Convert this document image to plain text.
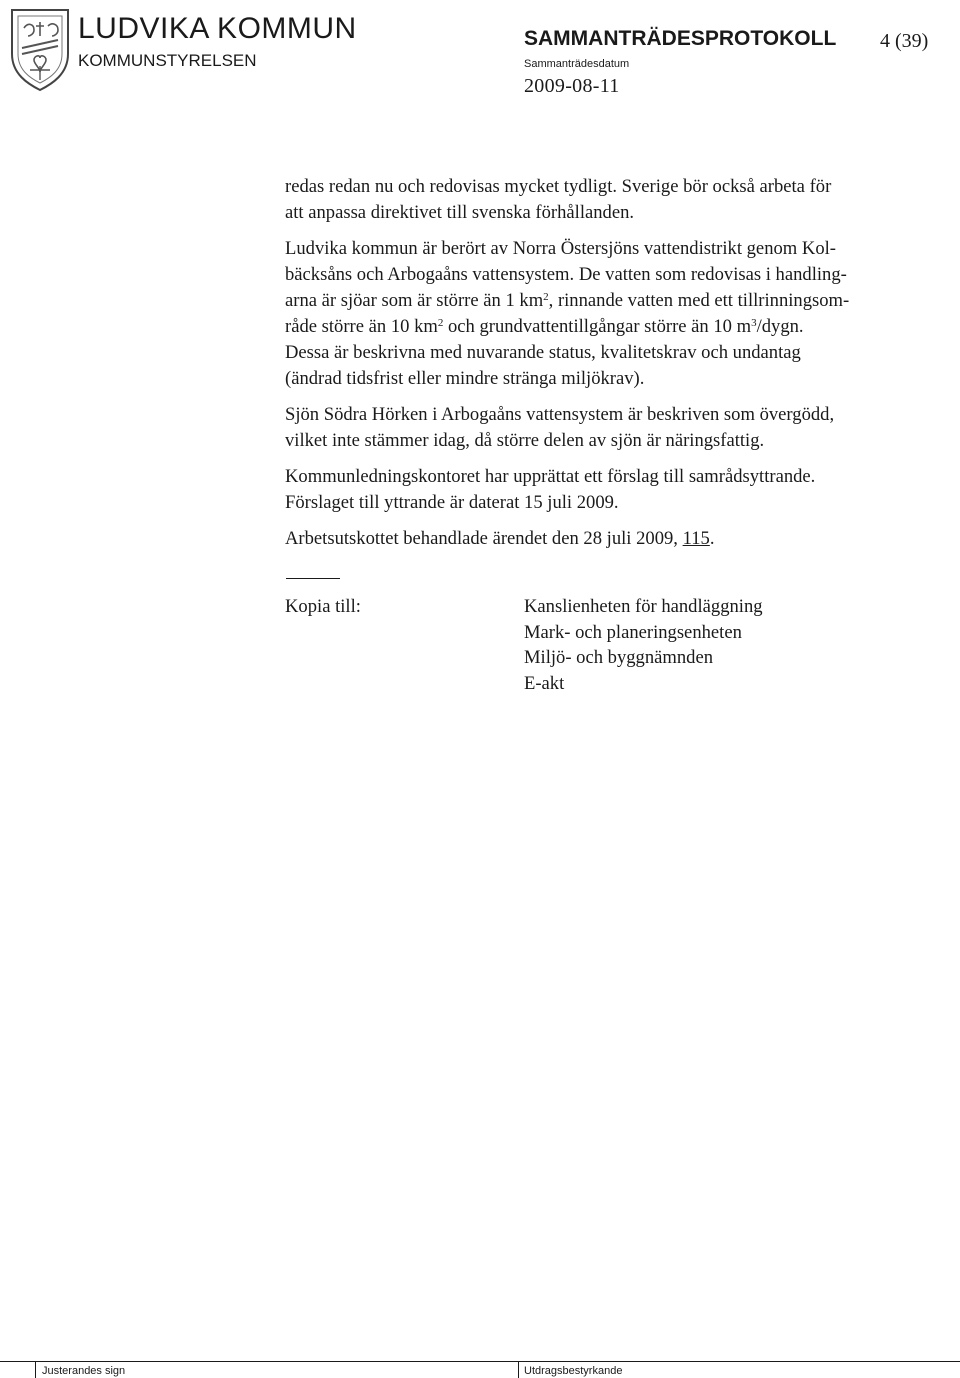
LUDVIKA KOMMUN
KOMMUNSTYRELSEN
SAMMANTRÄDESPROTOKOLL 4 (39)
Sammanträdesdatum
2009-08-11

redas redan nu och redovisas mycket tydligt. Sverige bör också arbeta för
att anpassa direktivet till svenska förhållanden.

Ludvika kommun är berört av Norra Östersjöns vattendistrikt genom Kol-
bäcksåns och Arbogaåns vattensystem. De vatten som redovisas i handling-
arna är sjöar som är större än 1 $km^2$, rinnande vatten med ett tillrinningsom-
råde större än 10 $km^2$ och grundvattentillgångar större än 10 $m^3$/dygn.
Dessa är beskrivna med nuvarande status, kvalitetskrav och undantag
(ändrad tidsfrist eller mindre stränga miljökrav).

Sjön Södra Hörken i Arbogaåns vattensystem är beskriven som övergödd,
vilket inte stämmer idag, då större delen av sjön är näringsfattig.

Kommunledningskontoret har upprättat ett förslag till samrådsyttrande.
Förslaget till yttrande är daterat 15 juli 2009.

Arbetsutskottet behandlade ärendet den 28 juli 2009, 115.

Kopia till:	Kanslienheten för handläggning
Mark- och planeringsenheten
Miljö- och byggnämnden
E-akt
Justerandes sign	Utdragsbestyrkande
